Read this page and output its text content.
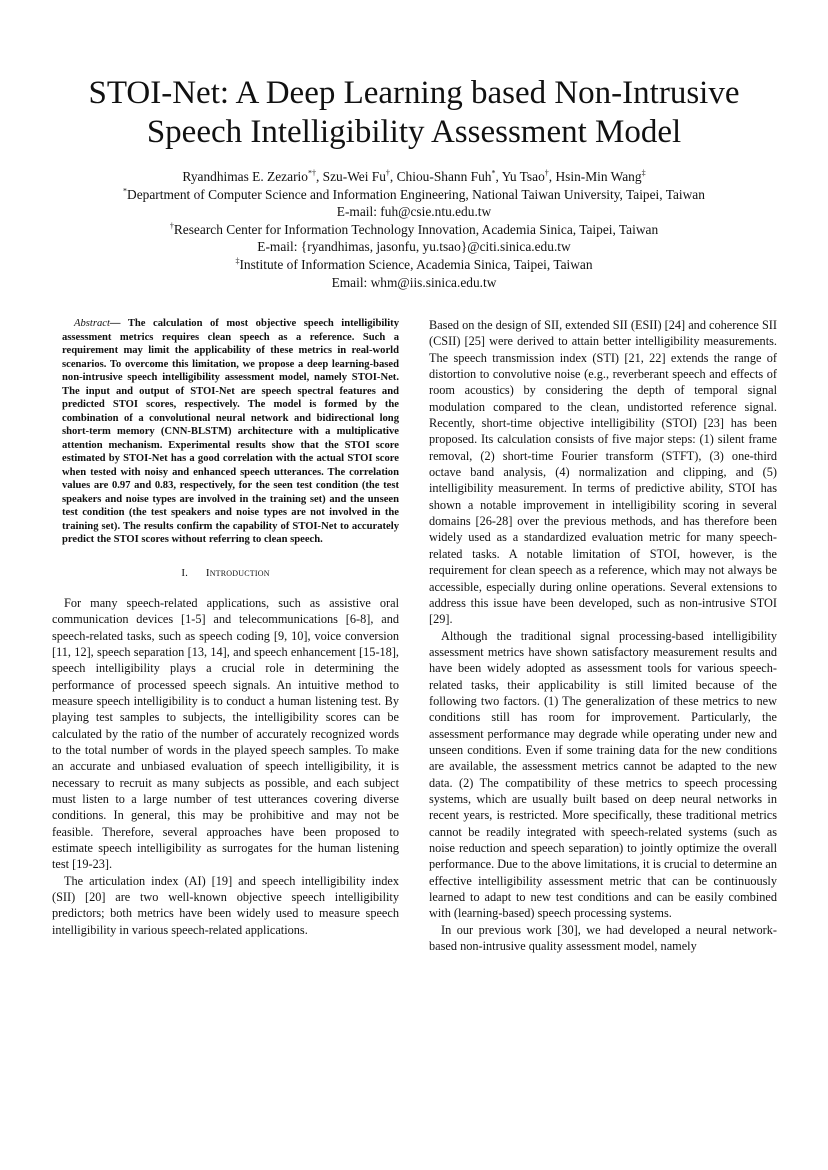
STOI-Net: A Deep Learning based Non-Intrusive
Speech Intelligibility Assessment Model
Ryandhimas E. Zezario*†, Szu-Wei Fu†, Chiou-Shann Fuh*, Yu Tsao†, Hsin-Min Wang‡
*Department of Computer Science and Information Engineering, National Taiwan University, Taipei, Taiwan
E-mail: fuh@csie.ntu.edu.tw
†Research Center for Information Technology Innovation, Academia Sinica, Taipei, Taiwan
E-mail: {ryandhimas, jasonfu, yu.tsao}@citi.sinica.edu.tw
‡Institute of Information Science, Academia Sinica, Taipei, Taiwan
Email: whm@iis.sinica.edu.tw

Abstract— The calculation of most objective speech intelligibility assessment metrics requires clean speech as a reference. Such a requirement may limit the applicability of these metrics in real-world scenarios. To overcome this limitation, we propose a deep learning-based non-intrusive speech intelligibility assessment model, namely STOI-Net. The input and output of STOI-Net are speech spectral features and predicted STOI scores, respectively. The model is formed by the combination of a convolutional neural network and bidirectional long short-term memory (CNN-BLSTM) architecture with a multiplicative attention mechanism. Experimental results show that the STOI score estimated by STOI-Net has a good correlation with the actual STOI score when tested with noisy and enhanced speech utterances. The correlation values are 0.97 and 0.83, respectively, for the seen test condition (the test speakers and noise types are involved in the training set) and the unseen test condition (the test speakers and noise types are not involved in the training set). The results confirm the capability of STOI-Net to accurately predict the STOI scores without referring to clean speech.

I. Introduction

For many speech-related applications, such as assistive oral communication devices [1-5] and telecommunications [6-8], and speech-related tasks, such as speech coding [9, 10], voice conversion [11, 12], speech separation [13, 14], and speech enhancement [15-18], speech intelligibility plays a crucial role in determining the performance of processed speech signals. An intuitive method to measure speech intelligibility is to conduct a human listening test. By playing test samples to subjects, the intelligibility scores can be calculated by the ratio of the number of accurately recognized words to the total number of words in the played speech samples. To make an accurate and unbiased evaluation of speech intelligibility, it is necessary to recruit as many subjects as possible, and each subject must listen to a large number of test utterances covering diverse conditions. In general, this may be prohibitive and may not be feasible. Therefore, several approaches have been proposed to estimate speech intelligibility as surrogates for the human listening test [19-23].

The articulation index (AI) [19] and speech intelligibility index (SII) [20] are two well-known objective speech intelligibility predictors; both metrics have been widely used to measure speech intelligibility in various speech-related applications.

Based on the design of SII, extended SII (ESII) [24] and coherence SII (CSII) [25] were derived to attain better intelligibility measurements. The speech transmission index (STI) [21, 22] extends the range of distortion to convolutive noise (e.g., reverberant speech and effects of room acoustics) by considering the depth of temporal signal modulation compared to the clean, undistorted reference signal. Recently, short-time objective intelligibility (STOI) [23] has been proposed. Its calculation consists of five major steps: (1) silent frame removal, (2) short-time Fourier transform (STFT), (3) one-third octave band analysis, (4) normalization and clipping, and (5) intelligibility measurement. In terms of predictive ability, STOI has shown a notable improvement in intelligibility scoring in several domains [26-28] over the previous methods, and has therefore been widely used as a standardized evaluation metric for many speech-related tasks. A notable limitation of STOI, however, is the requirement for clean speech as a reference, which may not always be accessible, especially during online operations. Several extensions to address this issue have been developed, such as non-intrusive STOI [29].

Although the traditional signal processing-based intelligibility assessment metrics have shown satisfactory measurement results and have been widely adopted as assessment tools for various speech-related tasks, their applicability is still limited because of the following two factors. (1) The generalization of these metrics to new conditions still has room for improvement. Particularly, the assessment performance may degrade while operating under new and unseen conditions. Even if some training data for the new conditions are available, the assessment metrics cannot be adapted to the new data. (2) The compatibility of these metrics to speech processing systems, which are usually built based on deep neural networks in recent years, is restricted. More specifically, these traditional metrics cannot be readily integrated with speech-related systems (such as noise reduction and speech separation) to jointly optimize the overall performance. Due to the above limitations, it is crucial to determine an effective intelligibility assessment metric that can be continuously learned to adapt to new test conditions and can be easily combined with (learning-based) speech processing systems.

In our previous work [30], we had developed a neural network-based non-intrusive quality assessment model, namely
